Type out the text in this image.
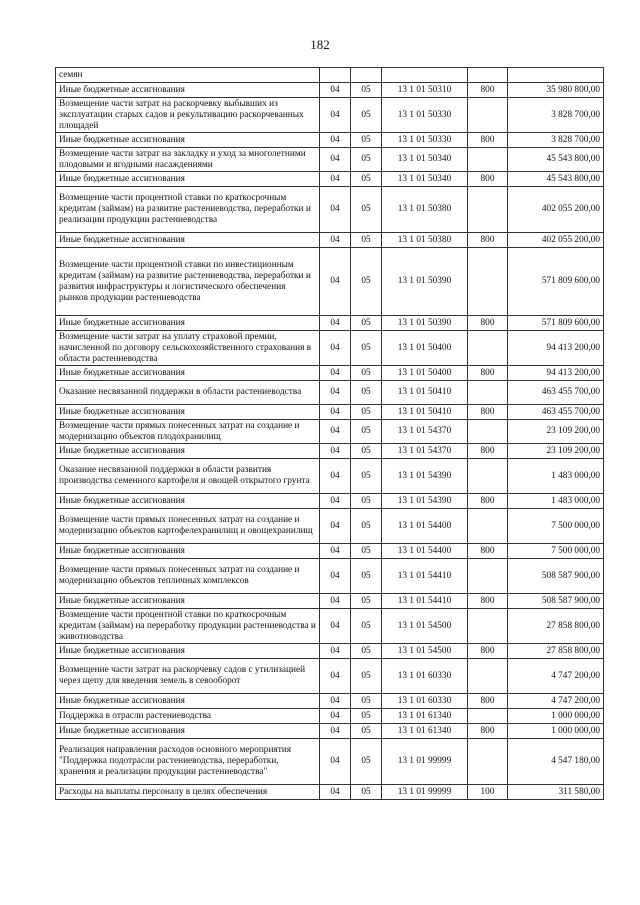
182
семян					
Иные бюджетные ассигнования	04	05	13 1 01 50310	800	35 980 800,00
Возмещение части затрат на раскорчевку выбывших из эксплуатации старых садов и рекультивацию раскорчеванных площадей	04	05	13 1 01 50330		3 828 700,00
Иные бюджетные ассигнования	04	05	13 1 01 50330	800	3 828 700,00
Возмещение части затрат на закладку и уход за многолетними плодовыми и ягодными насаждениями	04	05	13 1 01 50340		45 543 800,00
Иные бюджетные ассигнования	04	05	13 1 01 50340	800	45 543 800,00
Возмещение части процентной ставки по краткосрочным кредитам (займам) на развитие растениеводства, переработки и реализации продукции растениеводства	04	05	13 1 01 50380		402 055 200,00
Иные бюджетные ассигнования	04	05	13 1 01 50380	800	402 055 200,00
Возмещение части процентной ставки по инвестиционным кредитам (займам) на развитие растениеводства, переработки и развития инфраструктуры и логистического обеспечения рынков продукции растениеводства	04	05	13 1 01 50390		571 809 600,00
Иные бюджетные ассигнования	04	05	13 1 01 50390	800	571 809 600,00
Возмещение части затрат на уплату страховой премии, начисленной по договору сельскохозяйственного страхования в области растениеводства	04	05	13 1 01 50400		94 413 200,00
Иные бюджетные ассигнования	04	05	13 1 01 50400	800	94 413 200,00
Оказание несвязанной поддержки в области растениеводства	04	05	13 1 01 50410		463 455 700,00
Иные бюджетные ассигнования	04	05	13 1 01 50410	800	463 455 700,00
Возмещение части прямых понесенных затрат на создание и модернизацию объектов плодохранилищ	04	05	13 1 01 54370		23 109 200,00
Иные бюджетные ассигнования	04	05	13 1 01 54370	800	23 109 200,00
Оказание несвязанной поддержки в области развития производства семенного картофеля и овощей открытого грунта	04	05	13 1 01 54390		1 483 000,00
Иные бюджетные ассигнования	04	05	13 1 01 54390	800	1 483 000,00
Возмещение части прямых понесенных затрат на создание и модернизацию объектов картофелехранилищ и овощехранилищ	04	05	13 1 01 54400		7 500 000,00
Иные бюджетные ассигнования	04	05	13 1 01 54400	800	7 500 000,00
Возмещение части прямых понесенных затрат на создание и модернизацию объектов тепличных комплексов	04	05	13 1 01 54410		508 587 900,00
Иные бюджетные ассигнования	04	05	13 1 01 54410	800	508 587 900,00
Возмещение части процентной ставки по краткосрочным кредитам (займам) на переработку продукции растениеводства и животноводства	04	05	13 1 01 54500		27 858 800,00
Иные бюджетные ассигнования	04	05	13 1 01 54500	800	27 858 800,00
Возмещение части затрат на раскорчевку садов с утилизацией через щепу для введения земель в севооборот	04	05	13 1 01 60330		4 747 200,00
Иные бюджетные ассигнования	04	05	13 1 01 60330	800	4 747 200,00
Поддержка в отрасли растениеводства	04	05	13 1 01 61340		1 000 000,00
Иные бюджетные ассигнования	04	05	13 1 01 61340	800	1 000 000,00
Реализация направления расходов основного мероприятия "Поддержка подотрасли растениеводства, переработки, хранения и реализации продукции растениеводства"	04	05	13 1 01 99999		4 547 180,00
Расходы на выплаты персоналу в целях обеспечения	04	05	13 1 01 99999	100	311 580,00
